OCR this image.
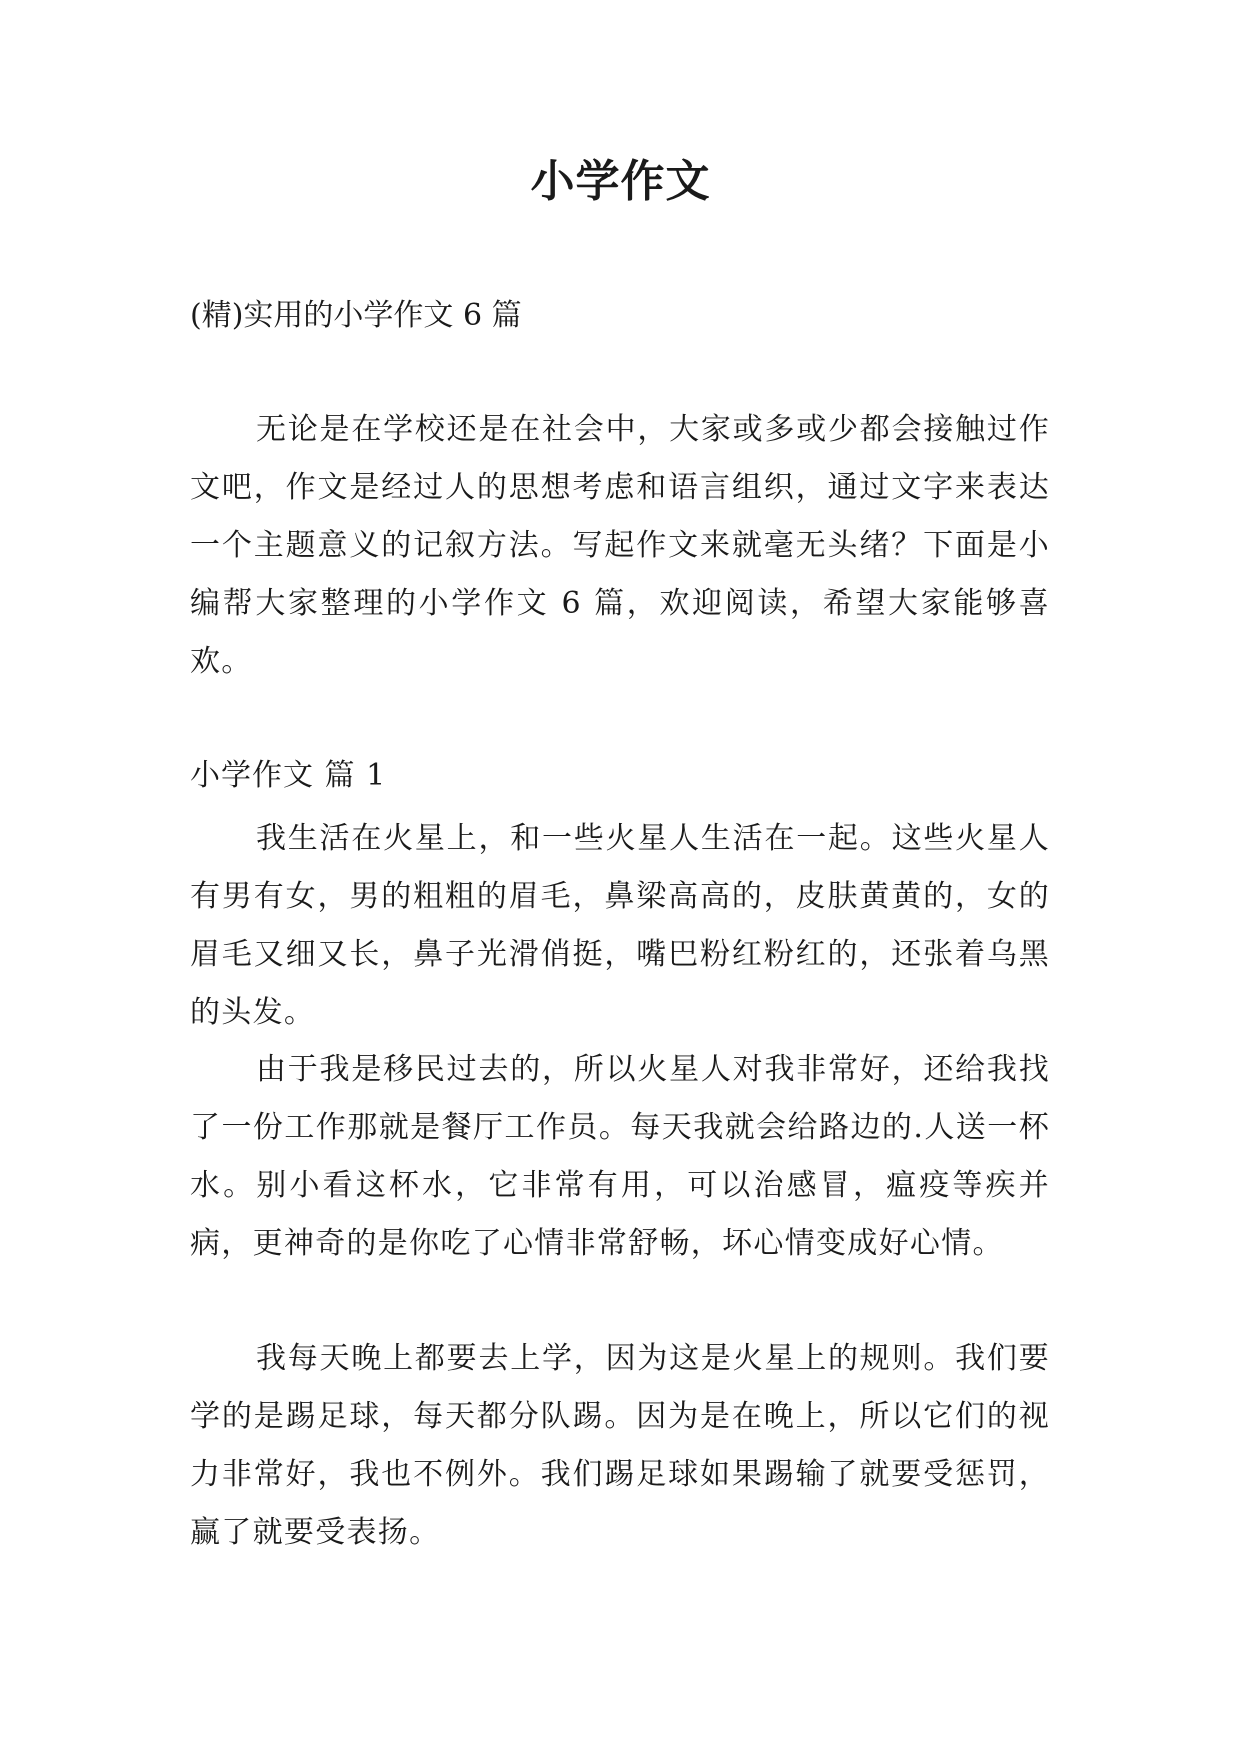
小学作文
(精)实用的小学作文 6 篇

无论是在学校还是在社会中，大家或多或少都会接触过作文吧，作文是经过人的思想考虑和语言组织，通过文字来表达一个主题意义的记叙方法。写起作文来就毫无头绪？下面是小编帮大家整理的小学作文 6 篇，欢迎阅读，希望大家能够喜欢。

小学作文 篇 1

我生活在火星上，和一些火星人生活在一起。这些火星人有男有女，男的粗粗的眉毛，鼻梁高高的，皮肤黄黄的，女的眉毛又细又长，鼻子光滑俏挺，嘴巴粉红粉红的，还张着乌黑的头发。

由于我是移民过去的，所以火星人对我非常好，还给我找了一份工作那就是餐厅工作员。每天我就会给路边的.人送一杯水。别小看这杯水，它非常有用，可以治感冒，瘟疫等疾并病，更神奇的是你吃了心情非常舒畅，坏心情变成好心情。

我每天晚上都要去上学，因为这是火星上的规则。我们要学的是踢足球，每天都分队踢。因为是在晚上，所以它们的视力非常好，我也不例外。我们踢足球如果踢输了就要受惩罚，赢了就要受表扬。
